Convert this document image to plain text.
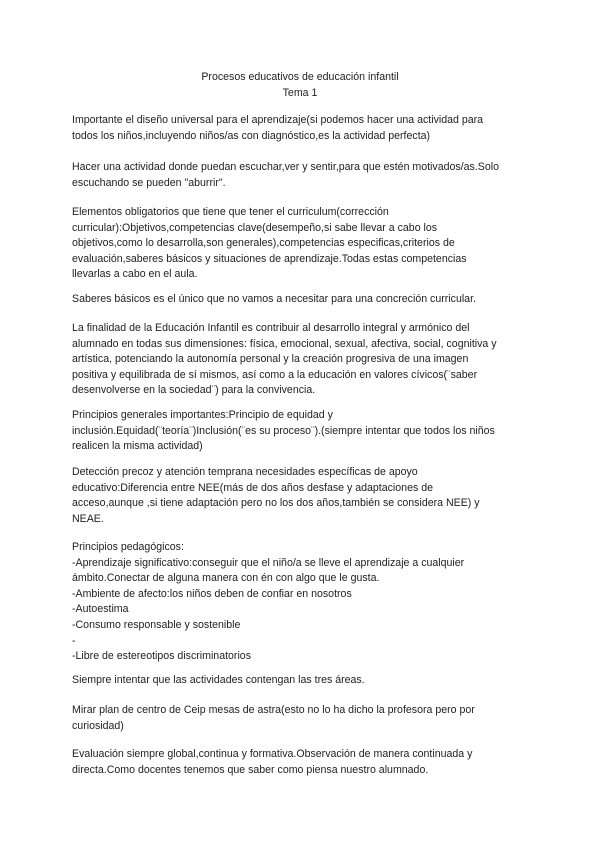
Procesos educativos de educación infantil
Tema 1
Importante el diseño universal para el aprendizaje(si podemos hacer una actividad para
todos los niños,incluyendo niños/as con diagnóstico,es la actividad perfecta)
Hacer una actividad donde puedan escuchar,ver y sentir,para que estén motivados/as.Solo
escuchando se pueden "aburrir".
Elementos obligatorios que tiene que tener el curriculum(corrección
curricular):Objetivos,competencias clave(desempeño,si sabe llevar a cabo los
objetivos,como lo desarrolla,son generales),competencias especificas,criterios de
evaluación,saberes básicos y situaciones de aprendizaje.Todas estas competencias
llevarlas a cabo en el aula.
Saberes básicos es el único que no vamos a necesitar para una concreción curricular.
La finalidad de la Educación Infantil es contribuir al desarrollo integral y armónico del
alumnado en todas sus dimensiones: física, emocional, sexual, afectiva, social, cognitiva y
artística, potenciando la autonomía personal y la creación progresiva de una imagen
positiva y equilibrada de sí mismos, así como a la educación en valores cívicos(¨saber
desenvolverse en la sociedad¨) para la convivencia.
Principios generales importantes:Principio de equidad y
inclusión.Equidad(¨teoría¨)Inclusión(¨es su proceso¨).(siempre intentar que todos los niños
realicen la misma actividad)
Detección precoz y atención temprana necesidades específicas de apoyo
educativo:Diferencia entre NEE(más de dos años desfase y adaptaciones de
acceso,aunque ,si tiene adaptación pero no los dos años,también se considera NEE) y
NEAE.
Principios pedagógicos:
-Aprendizaje significativo:conseguir que el niño/a se lleve el aprendizaje a cualquier
ámbito.Conectar de alguna manera con én con algo que le gusta.
-Ambiente de afecto:los niños deben de confiar en nosotros
-Autoestima
-Consumo responsable y sostenible
-
-Libre de estereotipos discriminatorios
Siempre intentar que las actividades contengan las tres áreas.
Mirar plan de centro de Ceip mesas de astra(esto no lo ha dicho la profesora pero por
curiosidad)
Evaluación siempre global,continua y formativa.Observación de manera continuada y
directa.Como docentes tenemos que saber como piensa nuestro alumnado.
